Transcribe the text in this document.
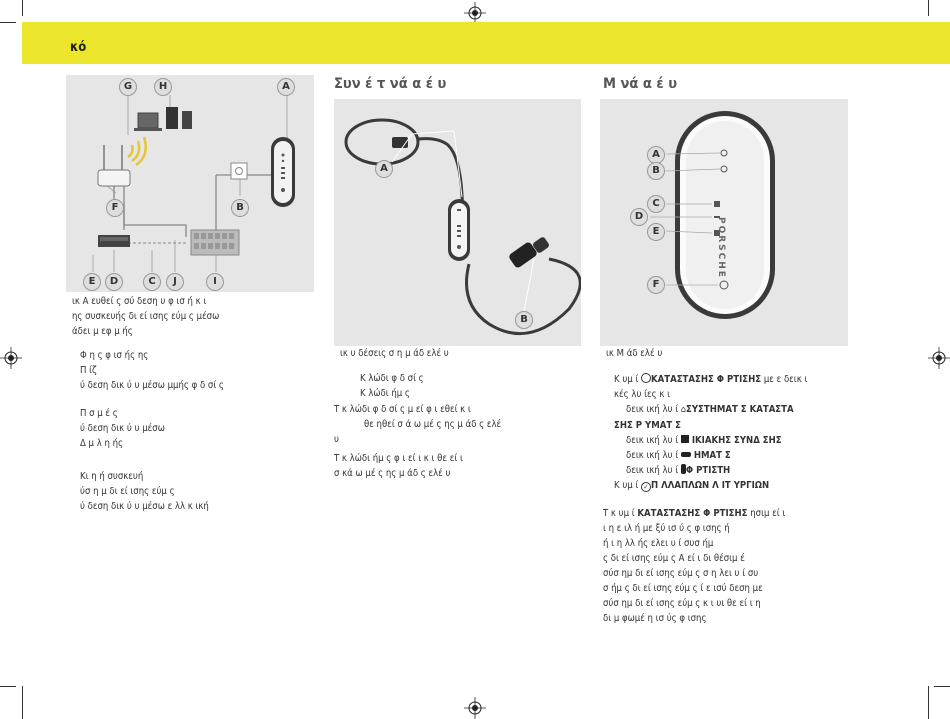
κό
G	H	A
F	B
E	D	C	J	I
ικ Α ευθεί ς σύ δεση υ φ ισ ή κ ι
ης συσκευής δι εί ισης εύμ ς μέσω
άδει μ εφ μ ής
Φ η ς φ ισ ής ης
Π ίζ
ύ δεση δικ ύ υ μέσω μμής φ δ σί ς
Π σ μ έ ς
ύ δεση δικ ύ υ μέσω
Δ μ λ η ής
Κι η ή συσκευή
ύσ η μ δι εί ισης εύμ ς
ύ δεση δικ ύ υ μέσω ε λλ κ ική
Συν έ τ νά α έ υ
A
B
ικ υ δέσεις σ η μ άδ ελέ υ
Κ λώδι φ δ σί ς
Κ λώδι ήμ ς
Τ κ λώδι φ δ σί ς μ εί φ ι εθεί κ ι
θε ηθεί σ ά ω μέ ς ης μ άδ ς ελέ
υ
Τ κ λώδι ήμ ς φ ι εί ι κ ι θε εί ι
σ κά ω μέ ς ης μ άδ ς ελέ υ
Μ νά α έ υ
PORSCHE
A
B
C
D
E
F
ικ Μ άδ ελέ υ
Κ υμ ί ΚΑΤΑΣΤΑΣΗΣ Φ ΡΤΙΣΗΣ με ε δεικ ι
κές λυ ίες κ ι
δεικ ική λυ ί ⌂ΣΥΣΤΗΜΑΤ Σ ΚΑΤΑΣΤΑ
ΣΗΣ Ρ ΥΜΑΤ Σ
δεικ ική λυ ί  ΙΚΙΑΚΗΣ ΣΥΝΔ ΣΗΣ
δεικ ική λυ ί  ΗΜΑΤ Σ
δεικ ική λυ ί Φ ΡΤΙΣΤΗ
Κ υμ ί ✓ Π ΛΛΑΠΛΩΝ Λ ΙΤ ΥΡΓΙΩΝ
Τ κ υμ ί ΚΑΤΑΣΤΑΣΗΣ Φ ΡΤΙΣΗΣ ησιμ εί ι
ι η ε ιλ ή με ξύ ισ ύ ς φ ισης ή
ή ι η λλ ής ελει υ ί συσ ήμ
ς δι εί ισης εύμ ς Α εί ι δι θέσιμ έ
σύσ ημ δι εί ισης εύμ ς σ η λει υ ί συ
σ ήμ ς δι εί ισης εύμ ς ί ε ισύ δεση με
σύσ ημ δι εί ισης εύμ ς κ ι υι θε εί ι η
δι μ φωμέ η ισ ύς φ ισης
